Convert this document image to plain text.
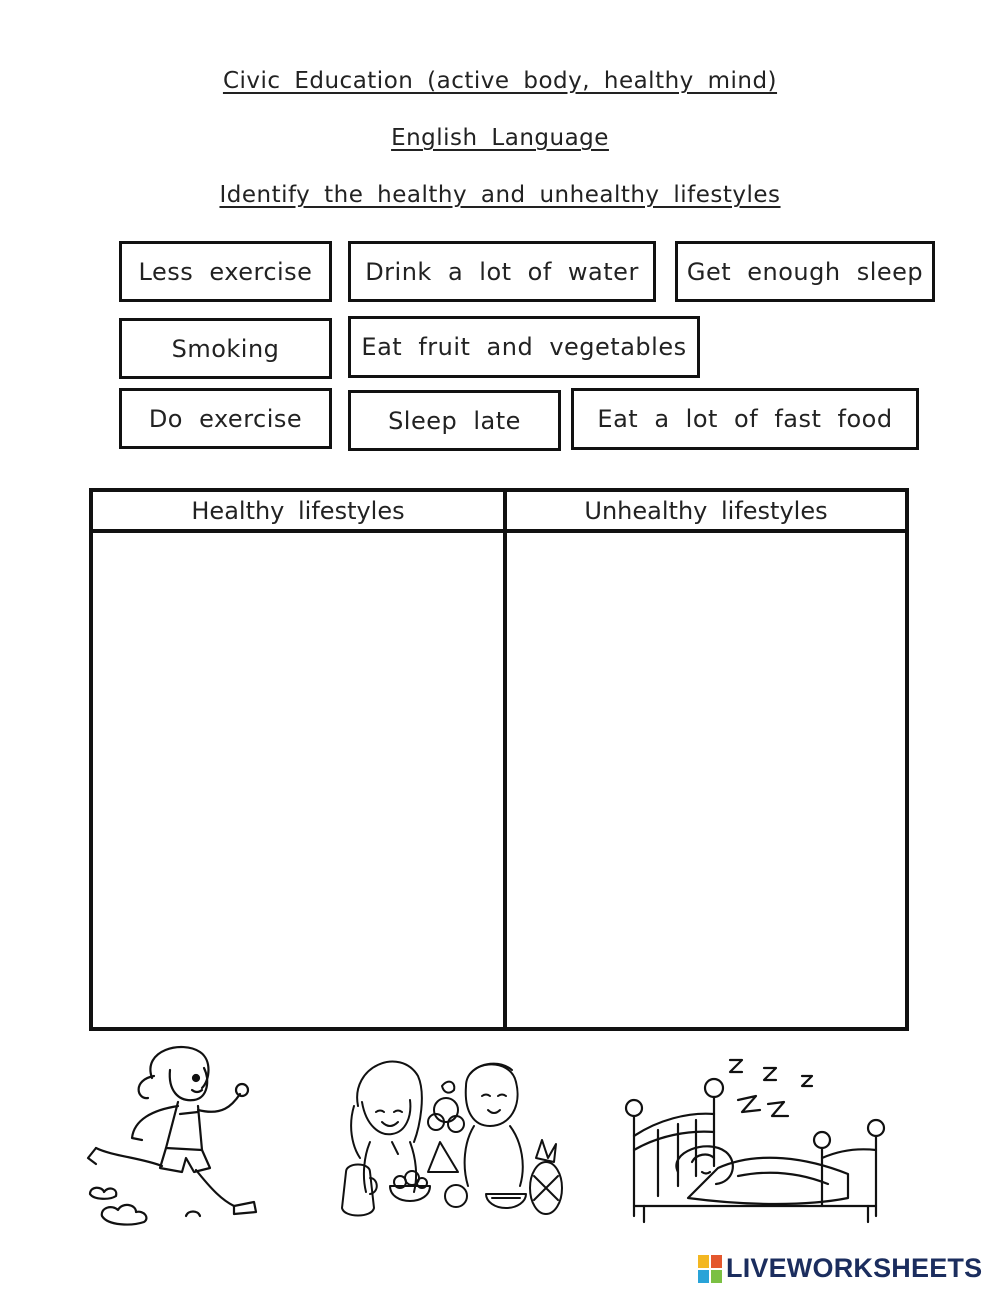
Civic Education (active body, healthy mind)
English Language
Identify the healthy and unhealthy lifestyles
Less exercise	Drink a lot of water	Get enough sleep
Smoking	Eat fruit and vegetables
Do exercise	Sleep late	Eat a lot of fast food
Healthy lifestyles	Unhealthy lifestyles
LIVEWORKSHEETS
